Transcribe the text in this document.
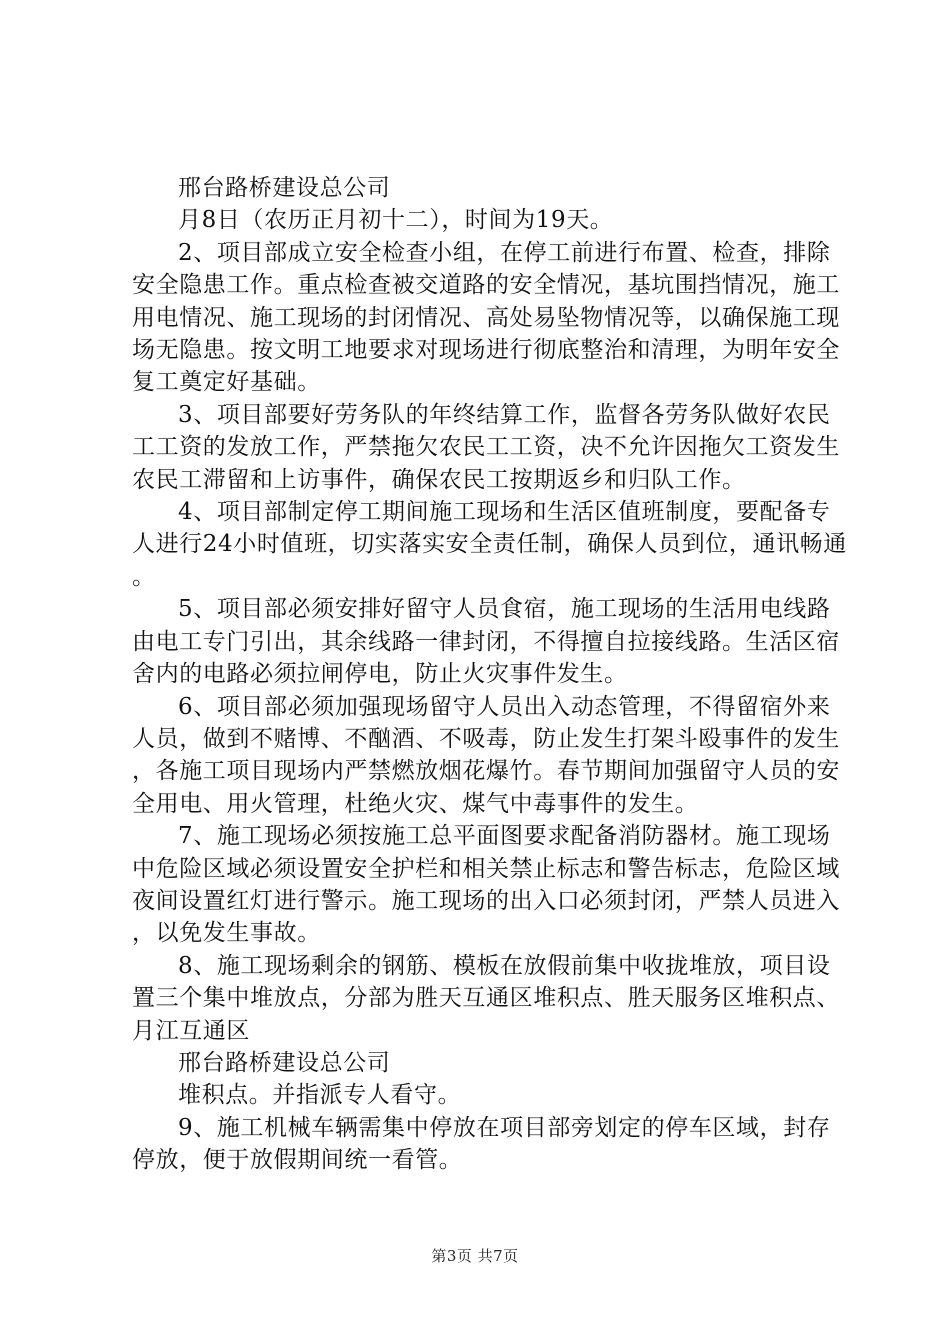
邢台路桥建设总公司

月8日（农历正月初十二），时间为19天。

2、项目部成立安全检查小组，在停工前进行布置、检查，排除安全隐患工作。重点检查被交道路的安全情况，基坑围挡情况，施工用电情况、施工现场的封闭情况、高处易坠物情况等，以确保施工现场无隐患。按文明工地要求对现场进行彻底整治和清理，为明年安全复工奠定好基础。

3、项目部要好劳务队的年终结算工作，监督各劳务队做好农民工工资的发放工作，严禁拖欠农民工工资，决不允许因拖欠工资发生农民工滞留和上访事件，确保农民工按期返乡和归队工作。

4、项目部制定停工期间施工现场和生活区值班制度，要配备专人进行24小时值班，切实落实安全责任制，确保人员到位，通讯畅通。

5、项目部必须安排好留守人员食宿，施工现场的生活用电线路由电工专门引出，其余线路一律封闭，不得擅自拉接线路。生活区宿舍内的电路必须拉闸停电，防止火灾事件发生。

6、项目部必须加强现场留守人员出入动态管理，不得留宿外来人员，做到不赌博、不酗酒、不吸毒，防止发生打架斗殴事件的发生，各施工项目现场内严禁燃放烟花爆竹。春节期间加强留守人员的安全用电、用火管理，杜绝火灾、煤气中毒事件的发生。

7、施工现场必须按施工总平面图要求配备消防器材。施工现场中危险区域必须设置安全护栏和相关禁止标志和警告标志，危险区域夜间设置红灯进行警示。施工现场的出入口必须封闭，严禁人员进入，以免发生事故。

8、施工现场剩余的钢筋、模板在放假前集中收拢堆放，项目设置三个集中堆放点，分部为胜天互通区堆积点、胜天服务区堆积点、月江互通区

邢台路桥建设总公司

堆积点。并指派专人看守。

9、施工机械车辆需集中停放在项目部旁划定的停车区域，封存停放，便于放假期间统一看管。

第3页 共7页
